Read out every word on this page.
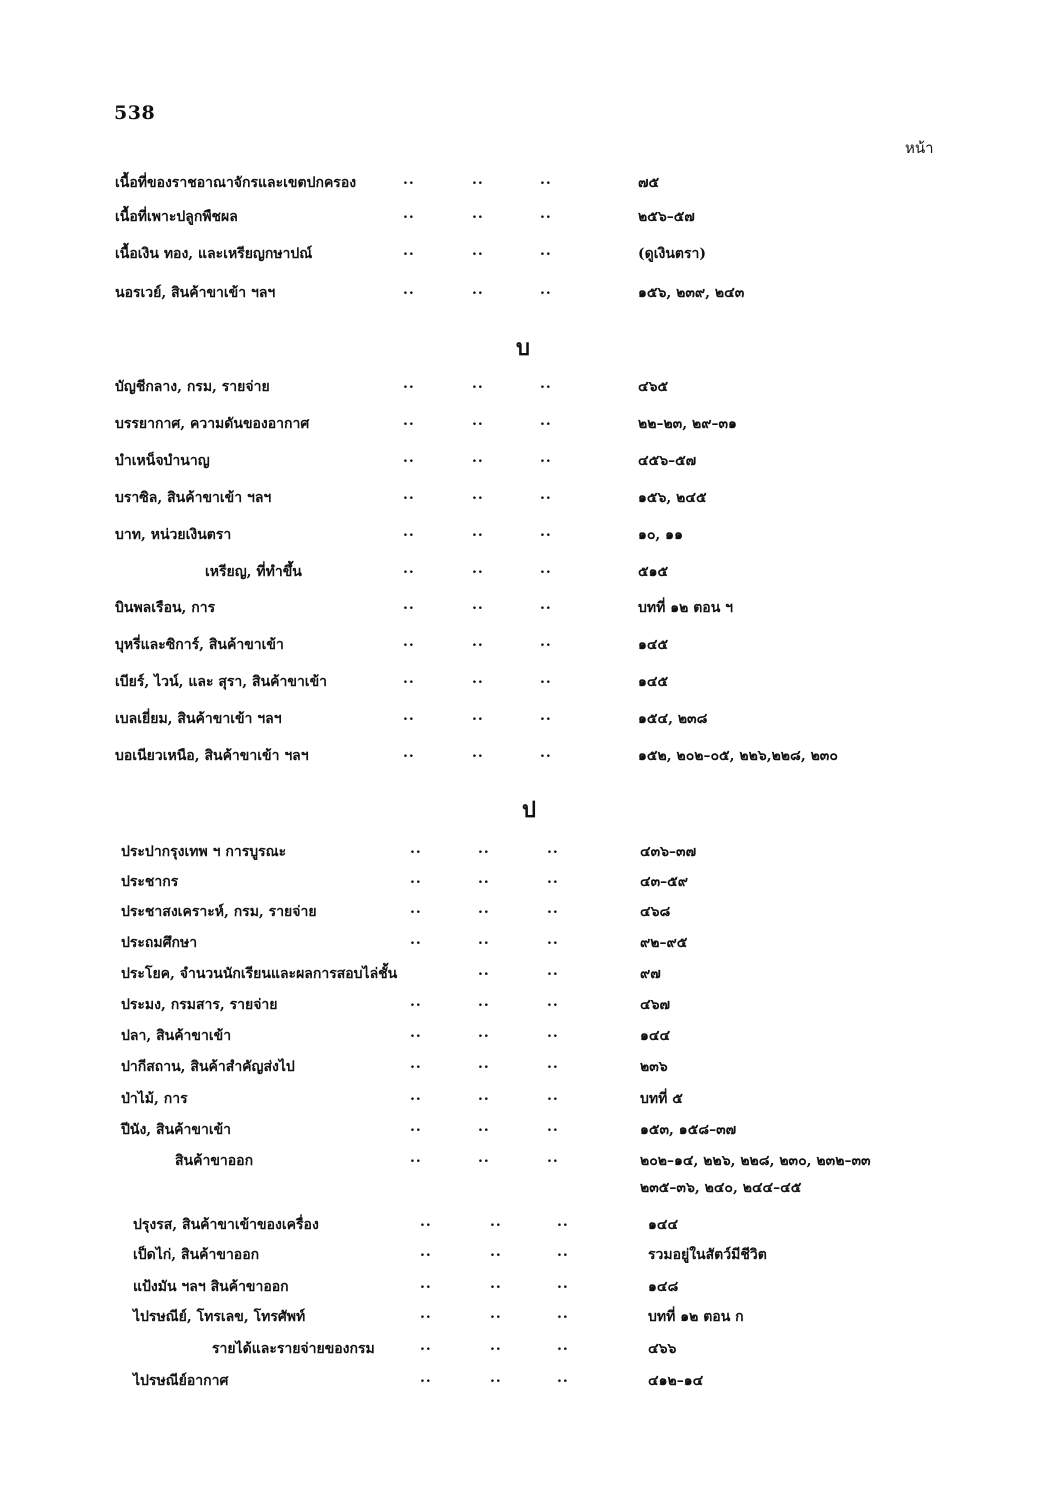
538
หน้า
เนื้อที่ของราชอาณาจักรและเขตปกครอง	..	..	..	๗๕
เนื้อที่เพาะปลูกพืชผล	..	..	..	๒๕๖–๕๗
เนื้อเงิน ทอง, และเหรียญกษาปณ์	..	..	..	(ดูเงินตรา)
นอรเวย์, สินค้าขาเข้า ฯลฯ	..	..	..	๑๕๖, ๒๓๙, ๒๔๓
บ
บัญชีกลาง, กรม, รายจ่าย	..	..	..	๔๖๕
บรรยากาศ, ความดันของอากาศ	..	..	..	๒๒–๒๓, ๒๙–๓๑
บำเหน็จบำนาญ	..	..	..	๔๕๖–๕๗
บราซิล, สินค้าขาเข้า ฯลฯ	..	..	..	๑๕๖, ๒๔๕
บาท, หน่วยเงินตรา	..	..	..	๑๐, ๑๑
เหรียญ, ที่ทำขึ้น	..	..	..	๕๑๕
บินพลเรือน, การ	..	..	..	บทที่ ๑๒ ตอน ฯ
บุหรี่และซิการ์, สินค้าขาเข้า	..	..	..	๑๔๕
เบียร์, ไวน์, และ สุรา, สินค้าขาเข้า	..	..	..	๑๔๕
เบลเยี่ยม, สินค้าขาเข้า ฯลฯ	..	..	..	๑๕๔, ๒๓๘
บอเนียวเหนือ, สินค้าขาเข้า ฯลฯ	..	..	..	๑๕๒, ๒๐๒–๐๕, ๒๒๖,๒๒๘, ๒๓๐
ป
ประปากรุงเทพ ฯ การบูรณะ	..	..	..	๔๓๖–๓๗
ประชากร	..	..	..	๔๓–๕๙
ประชาสงเคราะห์, กรม, รายจ่าย	..	..	..	๔๖๘
ประถมศึกษา	..	..	..	๙๒–๙๕
ประโยค, จำนวนนักเรียนและผลการสอบไล่ชั้น	..	..	๙๗
ประมง, กรมสาร, รายจ่าย	..	..	..	๔๖๗
ปลา, สินค้าขาเข้า	..	..	..	๑๔๔
ปากีสถาน, สินค้าสำคัญส่งไป	..	..	..	๒๓๖
ป่าไม้, การ	..	..	..	บทที่ ๕
ปีนัง, สินค้าขาเข้า	..	..	..	๑๕๓, ๑๕๘–๓๗
สินค้าขาออก	..	..	..	๒๐๒–๑๔, ๒๒๖, ๒๒๘, ๒๓๐, ๒๓๒–๓๓
๒๓๕–๓๖, ๒๔๐, ๒๔๔–๔๕
ปรุงรส, สินค้าขาเข้าของเครื่อง	..	..	..	๑๔๔
เป็ดไก่, สินค้าขาออก	..	..	..	รวมอยู่ในสัตว์มีชีวิต
แป้งมัน ฯลฯ สินค้าขาออก	..	..	..	๑๔๘
ไปรษณีย์, โทรเลข, โทรศัพท์	..	..	..	บทที่ ๑๒ ตอน ก
รายได้และรายจ่ายของกรม	..	..	..	๔๖๖
ไปรษณีย์อากาศ	..	..	..	๔๑๒–๑๔
